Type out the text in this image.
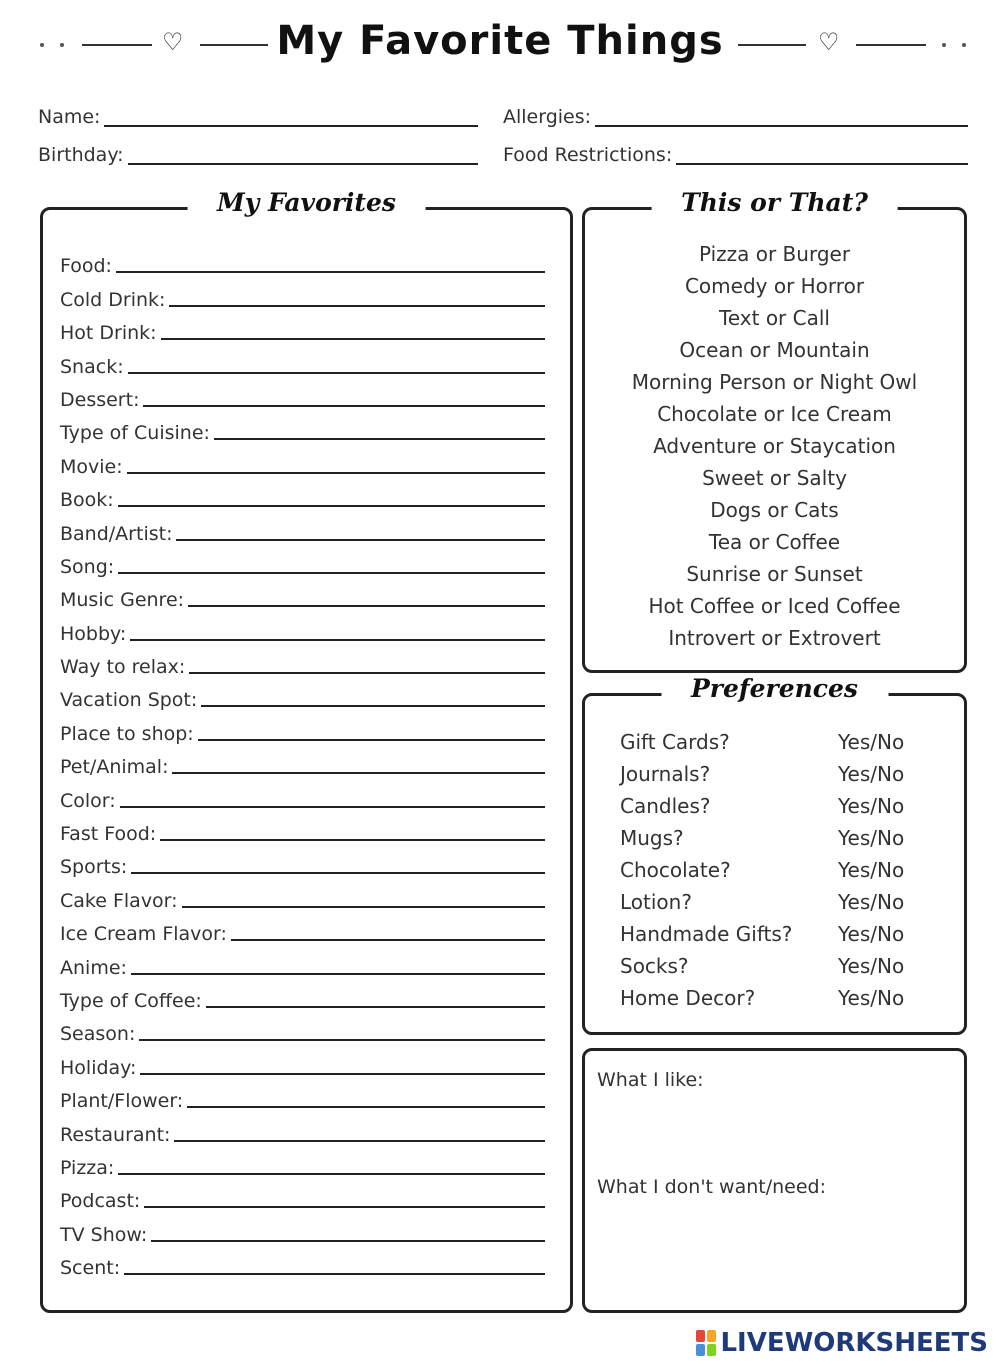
♡	My Favorite Things	♡
Name:	Allergies:
Birthday:	Food Restrictions:
My Favorites
Food:
Cold Drink:
Hot Drink:
Snack:
Dessert:
Type of Cuisine:
Movie:
Book:
Band/Artist:
Song:
Music Genre:
Hobby:
Way to relax:
Vacation Spot:
Place to shop:
Pet/Animal:
Color:
Fast Food:
Sports:
Cake Flavor:
Ice Cream Flavor:
Anime:
Type of Coffee:
Season:
Holiday:
Plant/Flower:
Restaurant:
Pizza:
Podcast:
TV Show:
Scent:
This or That?
Pizza or Burger
Comedy or Horror
Text or Call
Ocean or Mountain
Morning Person or Night Owl
Chocolate or Ice Cream
Adventure or Staycation
Sweet or Salty
Dogs or Cats
Tea or Coffee
Sunrise or Sunset
Hot Coffee or Iced Coffee
Introvert or Extrovert
Preferences
Gift Cards?	Yes/No
Journals?	Yes/No
Candles?	Yes/No
Mugs?	Yes/No
Chocolate?	Yes/No
Lotion?	Yes/No
Handmade Gifts?	Yes/No
Socks?	Yes/No
Home Decor?	Yes/No
What I like:
What I don't want/need:
LIVEWORKSHEETS
